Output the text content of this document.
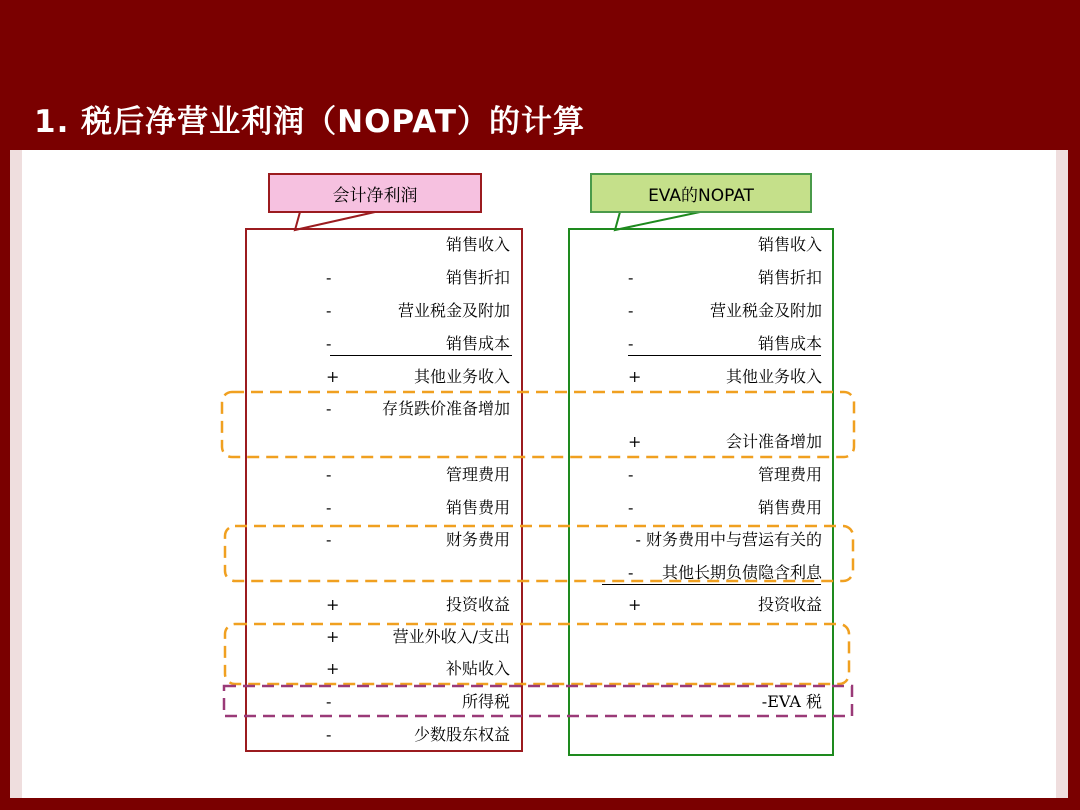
1. 税后净营业利润（NOPAT）的计算
会计净利润	EVA的NOPAT
销售收入
-	销售折扣
-	营业税金及附加
-	销售成本
+	其他业务收入
-	存货跌价准备增加
-	管理费用
-	销售费用
-	财务费用
+	投资收益
+	营业外收入/支出
+	补贴收入
-	所得税
-	少数股东权益
销售收入
-	销售折扣
-	营业税金及附加
-	销售成本
+	其他业务收入
+	会计准备增加
-	管理费用
-	销售费用
- 财务费用中与营运有关的
-	其他长期负债隐含利息
+	投资收益
-EVA 税
